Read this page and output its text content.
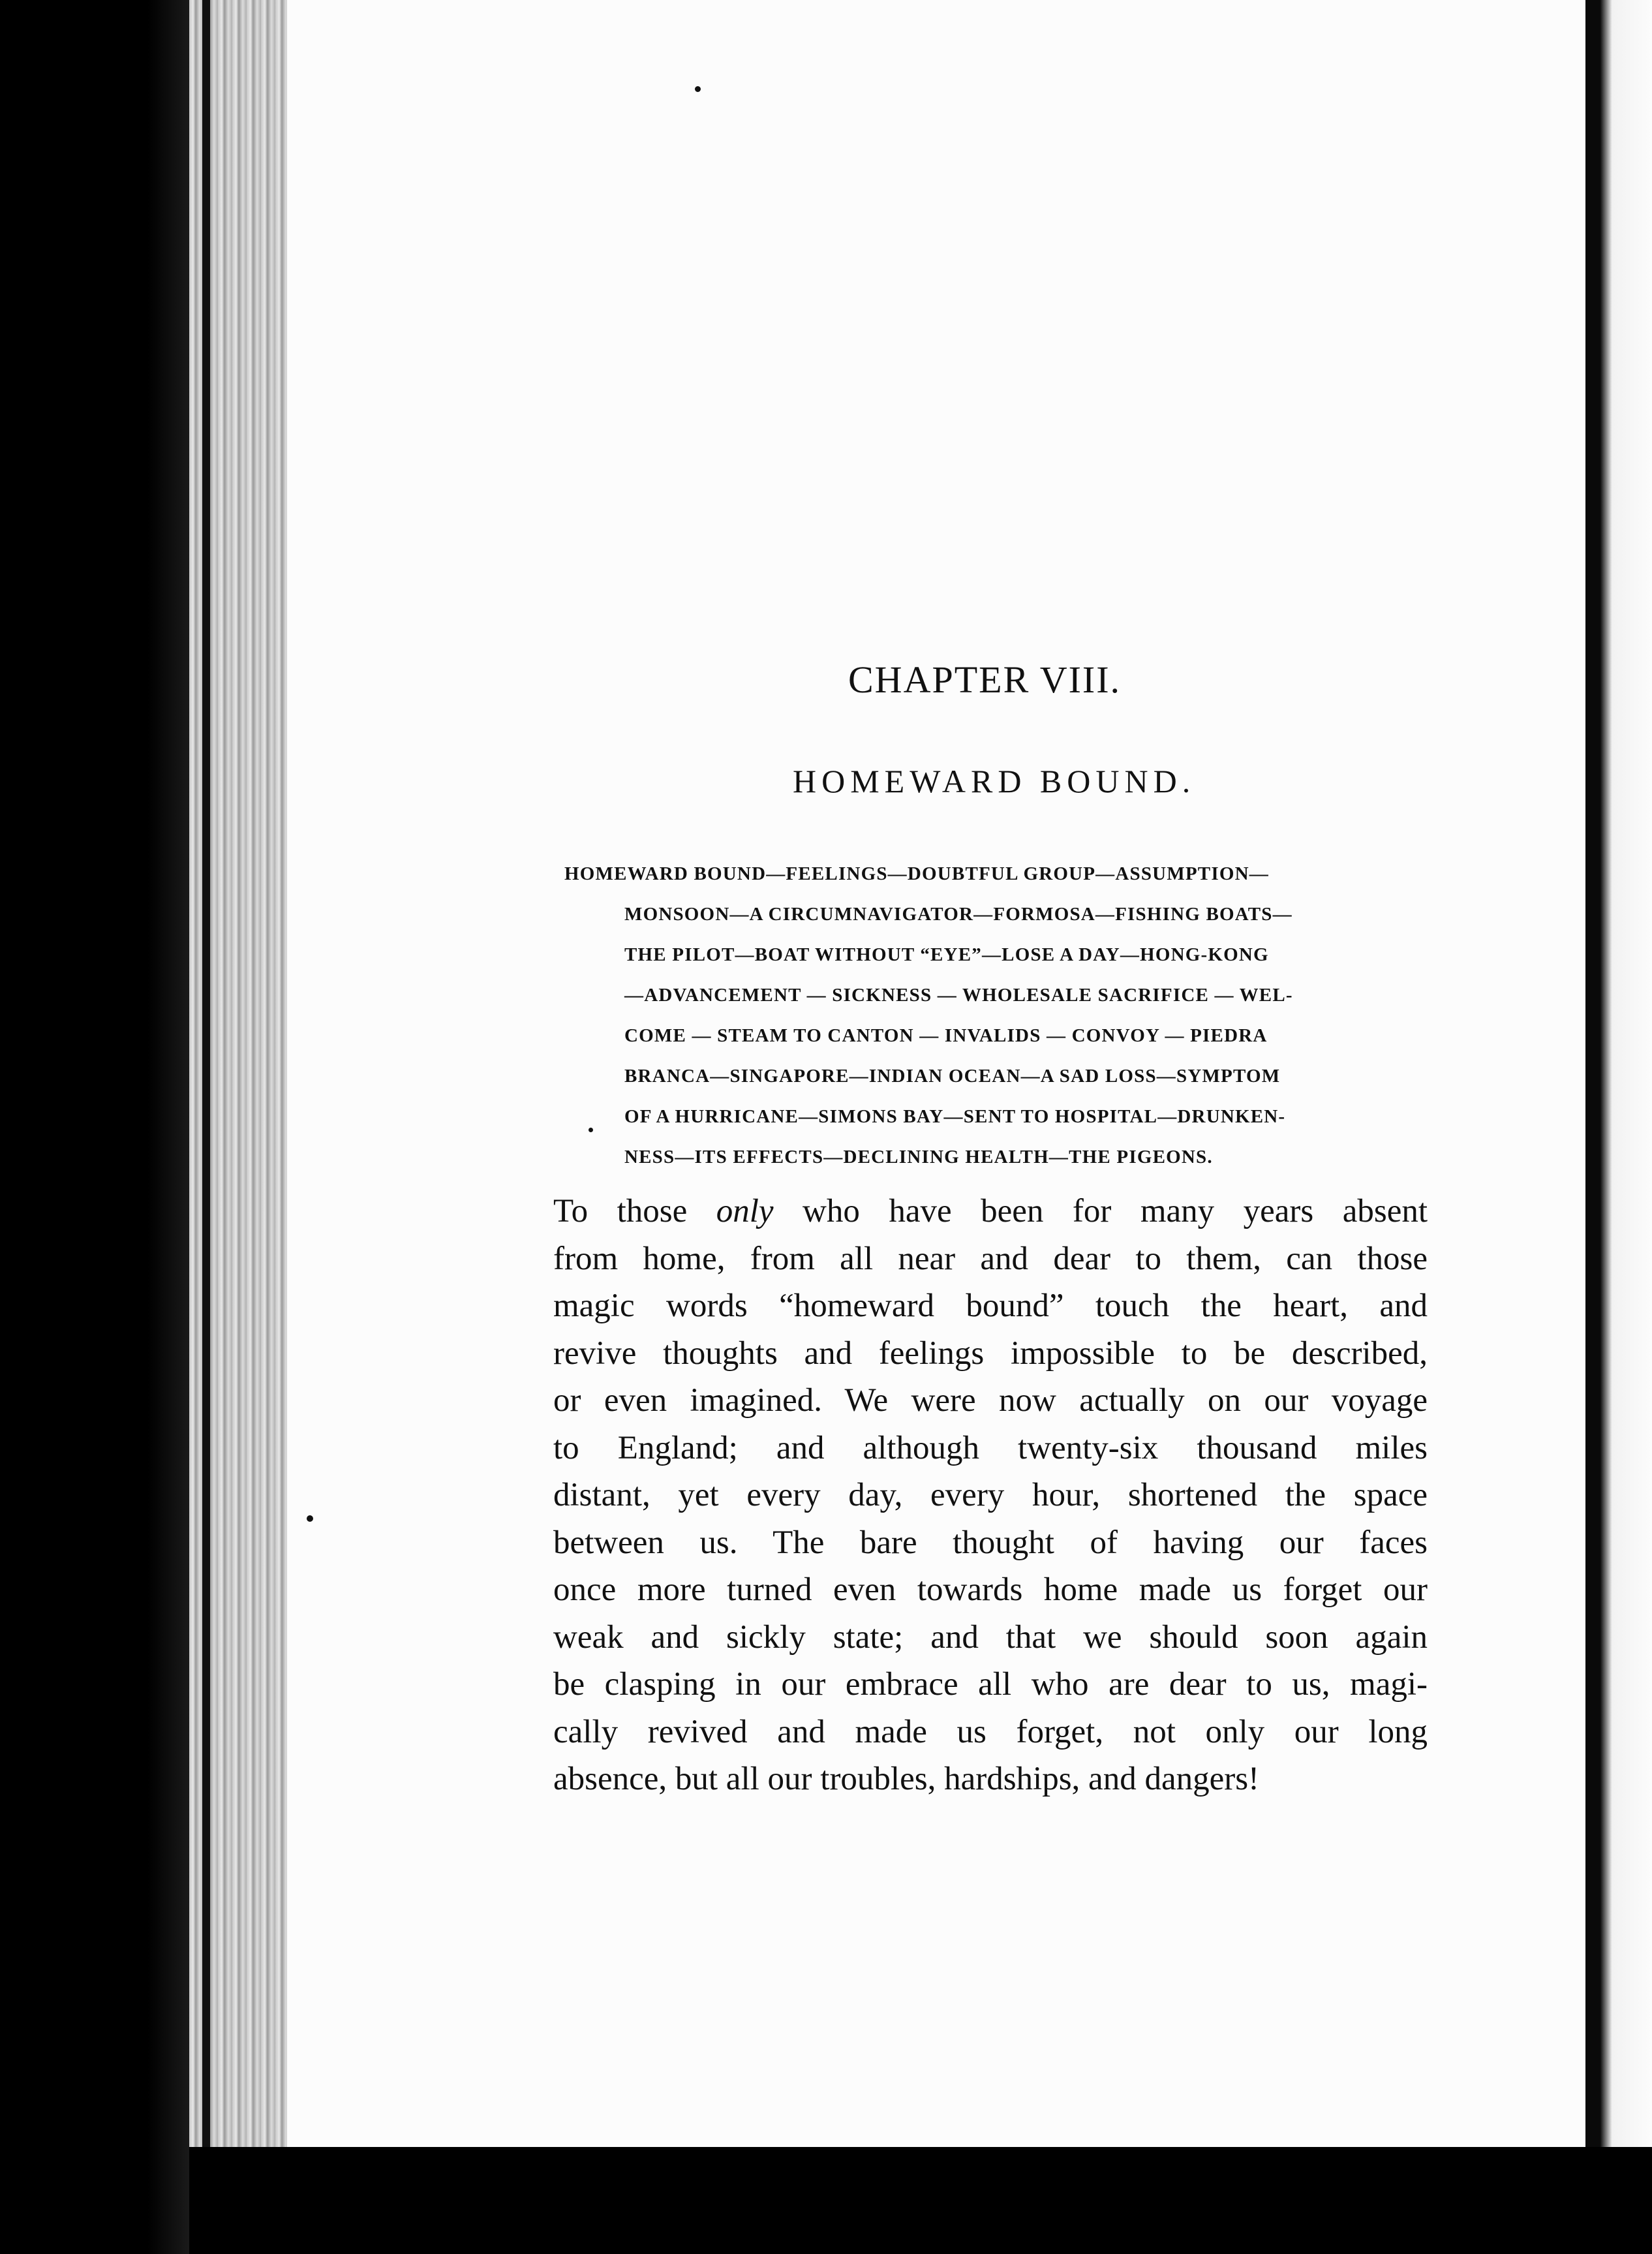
CHAPTER VIII.
HOMEWARD BOUND.
HOMEWARD BOUND—FEELINGS—DOUBTFUL GROUP—ASSUMPTION—
MONSOON—A CIRCUMNAVIGATOR—FORMOSA—FISHING BOATS—
THE PILOT—BOAT WITHOUT “EYE”—LOSE A DAY—HONG-KONG
—ADVANCEMENT — SICKNESS — WHOLESALE SACRIFICE — WEL-
COME — STEAM TO CANTON — INVALIDS — CONVOY — PIEDRA
BRANCA—SINGAPORE—INDIAN OCEAN—A SAD LOSS—SYMPTOM
OF A HURRICANE—SIMONS BAY—SENT TO HOSPITAL—DRUNKEN-
NESS—ITS EFFECTS—DECLINING HEALTH—THE PIGEONS.
To those only who have been for many years absent
from home, from all near and dear to them, can those
magic words “homeward bound” touch the heart, and
revive thoughts and feelings impossible to be described,
or even imagined. We were now actually on our voyage
to England; and although twenty-six thousand miles
distant, yet every day, every hour, shortened the space
between us. The bare thought of having our faces
once more turned even towards home made us forget our
weak and sickly state; and that we should soon again
be clasping in our embrace all who are dear to us, magi-
cally revived and made us forget, not only our long
absence, but all our troubles, hardships, and dangers!
